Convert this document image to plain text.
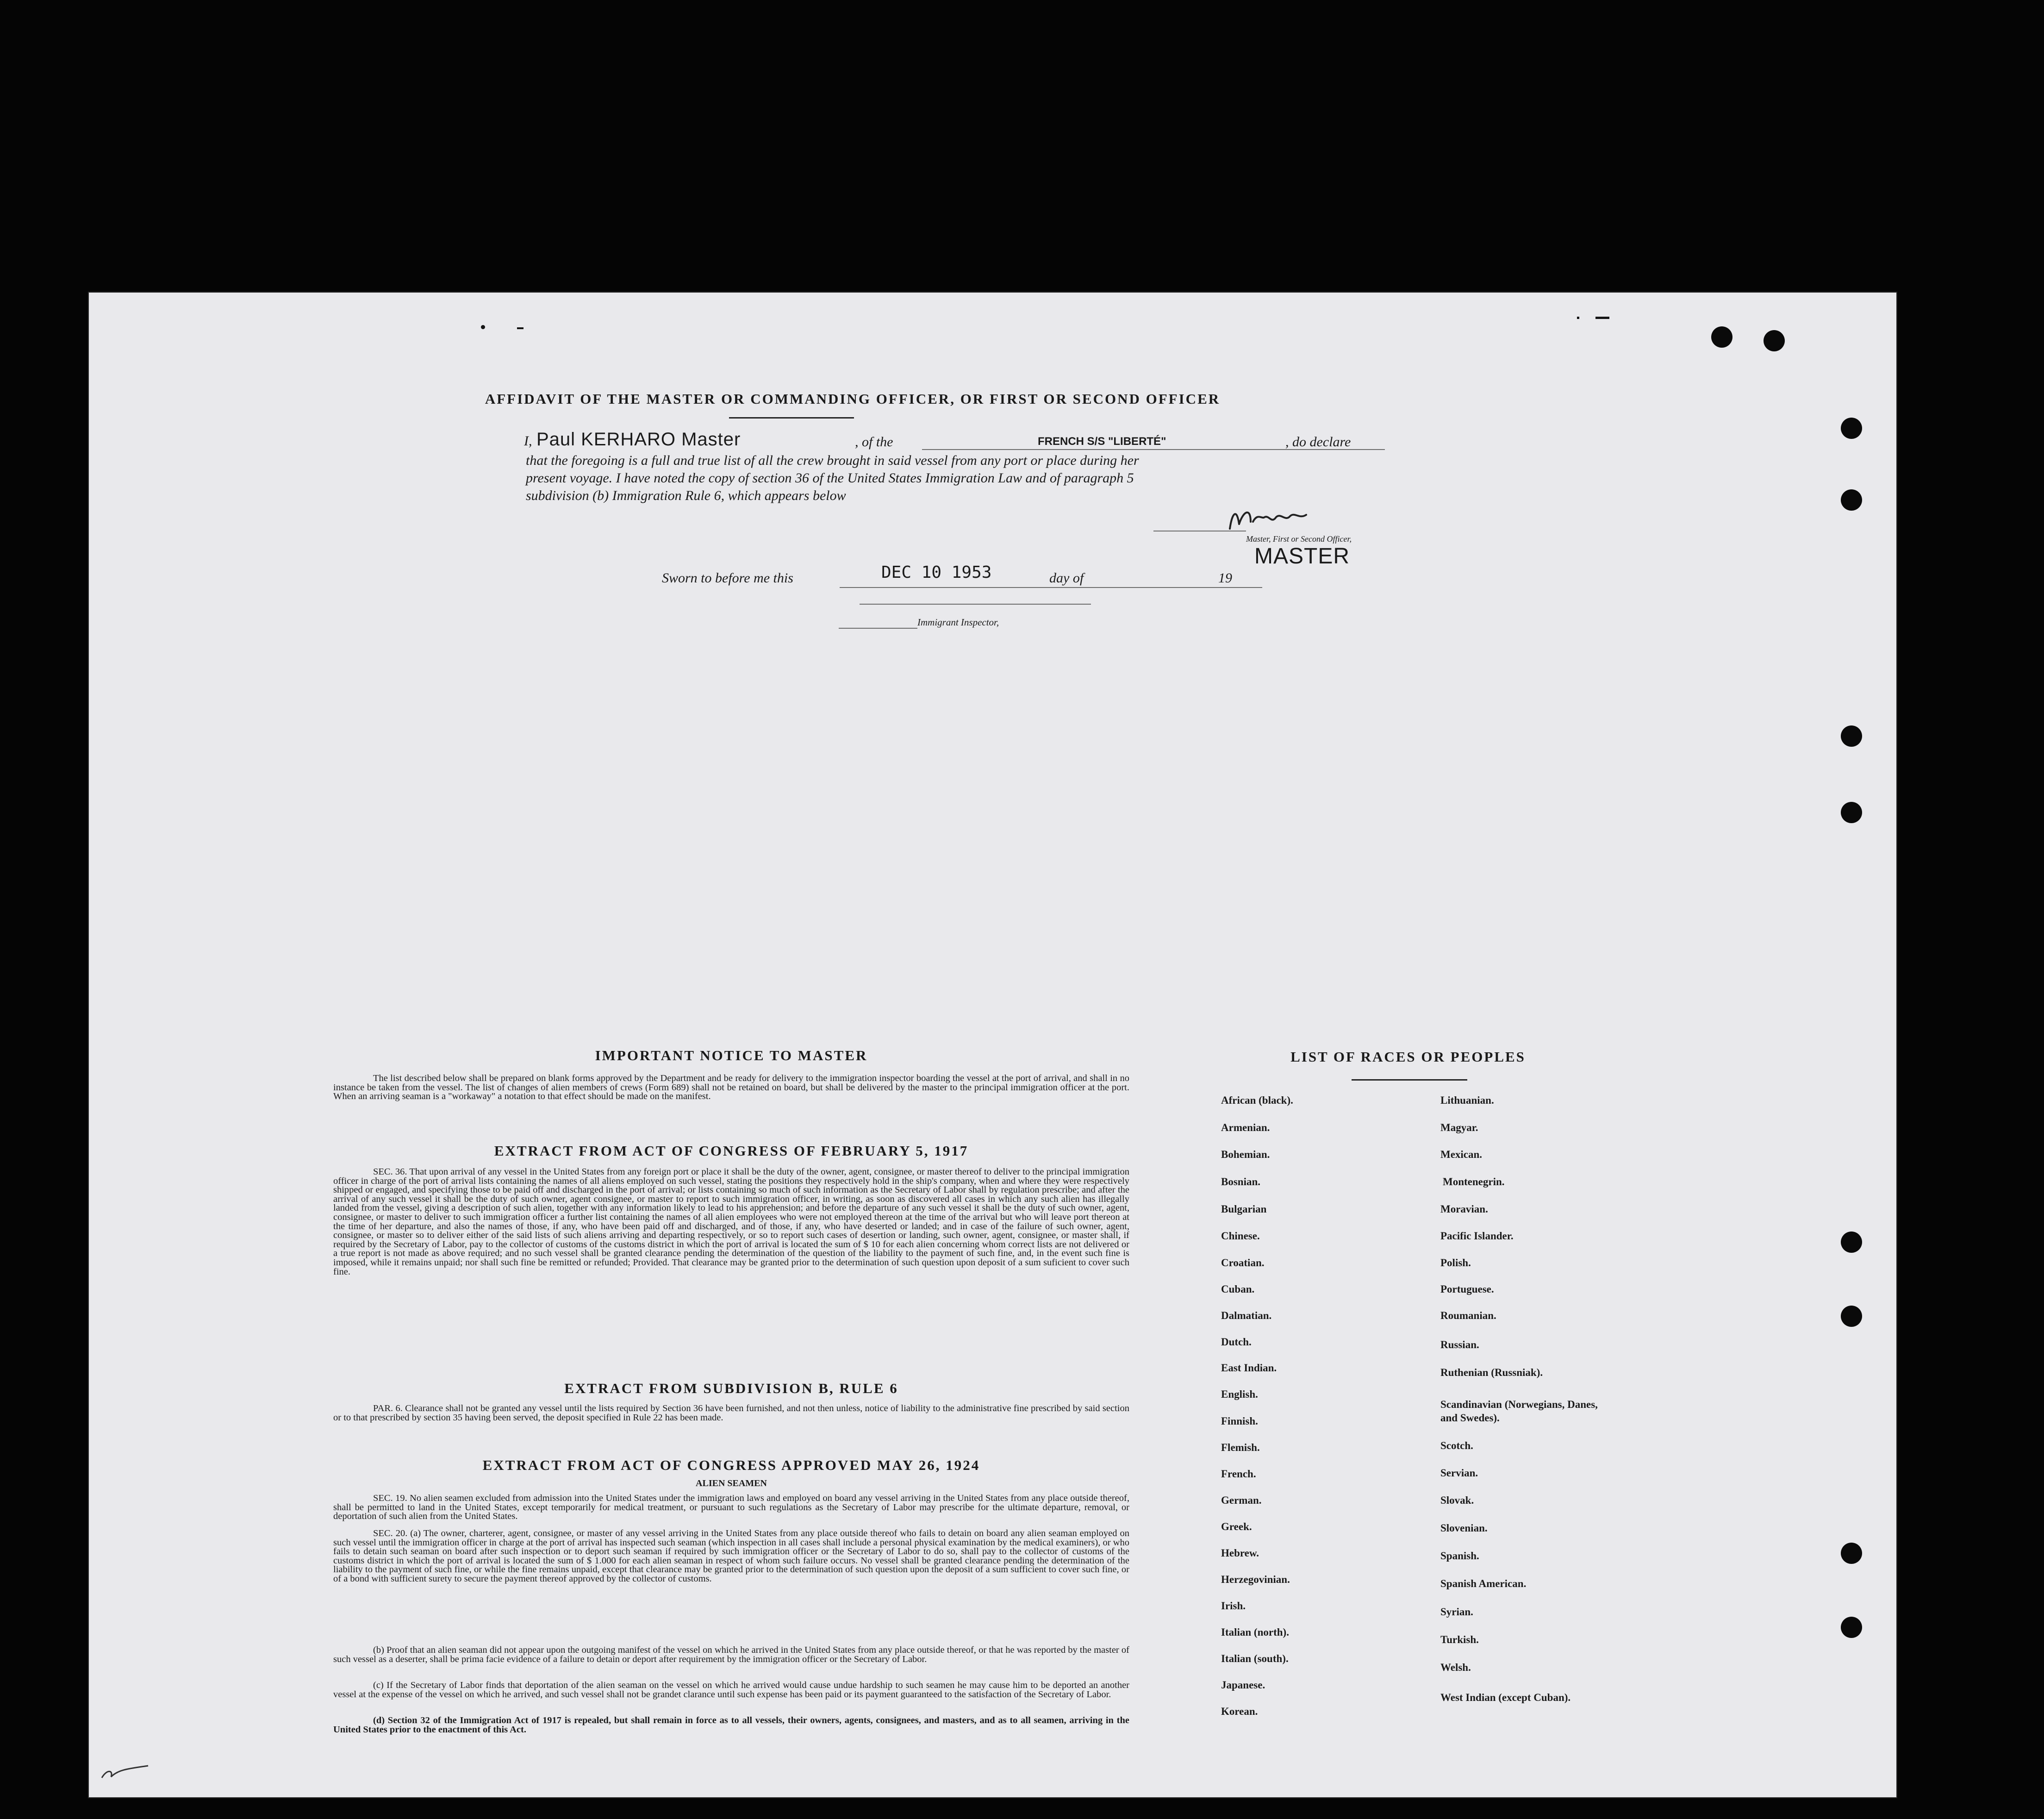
AFFIDAVIT OF THE MASTER OR COMMANDING OFFICER, OR FIRST OR SECOND OFFICER
I, Paul KERHARO Master	, of the	FRENCH S/S "LIBERTÉ"	, do declare
that the foregoing is a full and true list of all the crew brought in said vessel from any port or place during her
present voyage. I have noted the copy of section 36 of the United States Immigration Law and of paragraph 5
subdivision (b) Immigration Rule 6, which appears below
Master, First or Second Officer,
MASTER
Sworn to before me this	DEC 10 1953	day of	19
Immigrant Inspector,
IMPORTANT NOTICE TO MASTER
The list described below shall be prepared on blank forms approved by the Department and be ready for delivery to the immigration inspector boarding the vessel at the port of arrival, and shall in no instance be taken from the vessel. The list of changes of alien members of crews (Form 689) shall not be retained on board, but shall be delivered by the master to the principal immigration officer at the port. When an arriving seaman is a "workaway" a notation to that effect should be made on the manifest.
EXTRACT FROM ACT OF CONGRESS OF FEBRUARY 5, 1917
SEC. 36. That upon arrival of any vessel in the United States from any foreign port or place it shall be the duty of the owner, agent, consignee, or master thereof to deliver to the principal immigration officer in charge of the port of arrival lists containing the names of all aliens employed on such vessel, stating the positions they respectively hold in the ship's company, when and where they were respectively shipped or engaged, and specifying those to be paid off and discharged in the port of arrival; or lists containing so much of such information as the Secretary of Labor shall by regulation prescribe; and after the arrival of any such vessel it shall be the duty of such owner, agent consignee, or master to report to such immigration officer, in writing, as soon as discovered all cases in which any such alien has illegally landed from the vessel, giving a description of such alien, together with any information likely to lead to his apprehension; and before the departure of any such vessel it shall be the duty of such owner, agent, consignee, or master to deliver to such immigration officer a further list containing the names of all alien employees who were not employed thereon at the time of the arrival but who will leave port thereon at the time of her departure, and also the names of those, if any, who have been paid off and discharged, and of those, if any, who have deserted or landed; and in case of the failure of such owner, agent, consignee, or master so to deliver either of the said lists of such aliens arriving and departing respectively, or so to report such cases of desertion or landing, such owner, agent, consignee, or master shall, if required by the Secretary of Labor, pay to the collector of customs of the customs district in which the port of arrival is located the sum of $ 10 for each alien concerning whom correct lists are not delivered or a true report is not made as above required; and no such vessel shall be granted clearance pending the determination of the question of the liability to the payment of such fine, and, in the event such fine is imposed, while it remains unpaid; nor shall such fine be remitted or refunded; Provided. That clearance may be granted prior to the determination of such question upon deposit of a sum suficient to cover such fine.
EXTRACT FROM SUBDIVISION B, RULE 6
PAR. 6. Clearance shall not be granted any vessel until the lists required by Section 36 have been furnished, and not then unless, notice of liability to the administrative fine prescribed by said section or to that prescribed by section 35 having been served, the deposit specified in Rule 22 has been made.
EXTRACT FROM ACT OF CONGRESS APPROVED MAY 26, 1924
ALIEN SEAMEN
SEC. 19. No alien seamen excluded from admission into the United States under the immigration laws and employed on board any vessel arriving in the United States from any place outside thereof, shall be permitted to land in the United States, except temporarily for medical treatment, or pursuant to such regulations as the Secretary of Labor may prescribe for the ultimate departure, removal, or deportation of such alien from the United States.
SEC. 20. (a) The owner, charterer, agent, consignee, or master of any vessel arriving in the United States from any place outside thereof who fails to detain on board any alien seaman employed on such vessel until the immigration officer in charge at the port of arrival has inspected such seaman (which inspection in all cases shall include a personal physical examination by the medical examiners), or who fails to detain such seaman on board after such inspection or to deport such seaman if required by such immigration officer or the Secretary of Labor to do so, shall pay to the collector of customs of the customs district in which the port of arrival is located the sum of $ 1.000 for each alien seaman in respect of whom such failure occurs. No vessel shall be granted clearance pending the determination of the liability to the payment of such fine, or while the fine remains unpaid, except that clearance may be granted prior to the determination of such question upon the deposit of a sum sufficient to cover such fine, or of a bond with sufficient surety to secure the payment thereof approved by the collector of customs.
(b) Proof that an alien seaman did not appear upon the outgoing manifest of the vessel on which he arrived in the United States from any place outside thereof, or that he was reported by the master of such vessel as a deserter, shall be prima facie evidence of a failure to detain or deport after requirement by the immigration officer or the Secretary of Labor.
(c) If the Secretary of Labor finds that deportation of the alien seaman on the vessel on which he arrived would cause undue hardship to such seamen he may cause him to be deported an another vessel at the expense of the vessel on which he arrived, and such vessel shall not be grandet clarance until such expense has been paid or its payment guaranteed to the satisfaction of the Secretary of Labor.
(d) Section 32 of the Immigration Act of 1917 is repealed, but shall remain in force as to all vessels, their owners, agents, consignees, and masters, and as to all seamen, arriving in the United States prior to the enactment of this Act.
LIST OF RACES OR PEOPLES
African (black).
Armenian.
Bohemian.
Bosnian.
Bulgarian
Chinese.
Croatian.
Cuban.
Dalmatian.
Dutch.
East Indian.
English.
Finnish.
Flemish.
French.
German.
Greek.
Hebrew.
Herzegovinian.
Irish.
Italian (north).
Italian (south).
Japanese.
Korean.
Lithuanian.
Magyar.
Mexican.
Montenegrin.
Moravian.
Pacific Islander.
Polish.
Portuguese.
Roumanian.
Russian.
Ruthenian (Russniak).
Scandinavian (Norwegians, Danes, and Swedes).
Scotch.
Servian.
Slovak.
Slovenian.
Spanish.
Spanish American.
Syrian.
Turkish.
Welsh.
West Indian (except Cuban).
